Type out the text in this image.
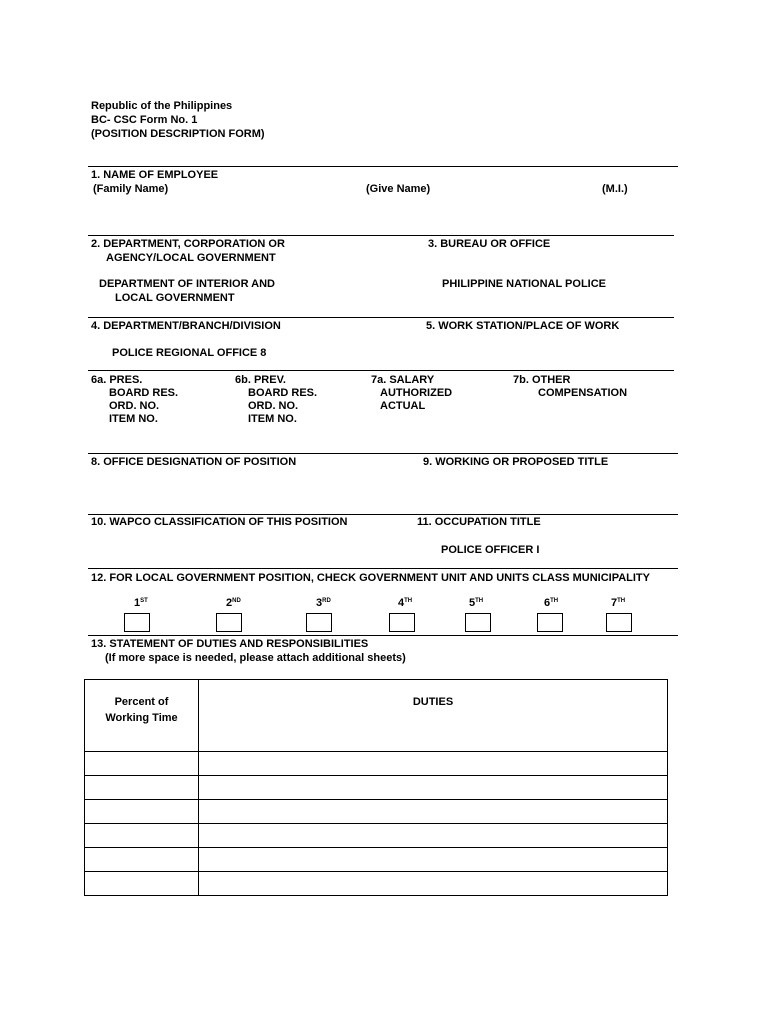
Republic of the Philippines
BC- CSC Form No. 1
(POSITION DESCRIPTION FORM)
1. NAME OF EMPLOYEE
(Family Name)	(Give Name)	(M.I.)
2. DEPARTMENT, CORPORATION OR
AGENCY/LOCAL GOVERNMENT
DEPARTMENT OF INTERIOR AND
LOCAL GOVERNMENT
3. BUREAU OR OFFICE
PHILIPPINE NATIONAL POLICE
4. DEPARTMENT/BRANCH/DIVISION
POLICE REGIONAL OFFICE 8
5. WORK STATION/PLACE OF WORK
6a. PRES.
BOARD RES.
ORD. NO.
ITEM NO.
6b. PREV.
BOARD RES.
ORD. NO.
ITEM NO.
7a. SALARY
AUTHORIZED
ACTUAL
7b. OTHER
COMPENSATION
8. OFFICE DESIGNATION OF POSITION	9. WORKING OR PROPOSED TITLE
10. WAPCO CLASSIFICATION OF THIS POSITION	11. OCCUPATION TITLE
POLICE OFFICER I
12. FOR LOCAL GOVERNMENT POSITION, CHECK GOVERNMENT UNIT AND UNITS CLASS MUNICIPALITY
1ST	2ND	3RD	4TH	5TH	6TH	7TH
13. STATEMENT OF DUTIES AND RESPONSIBILITIES
(If more space is needed, please attach additional sheets)
Percent of
Working Time	DUTIES
